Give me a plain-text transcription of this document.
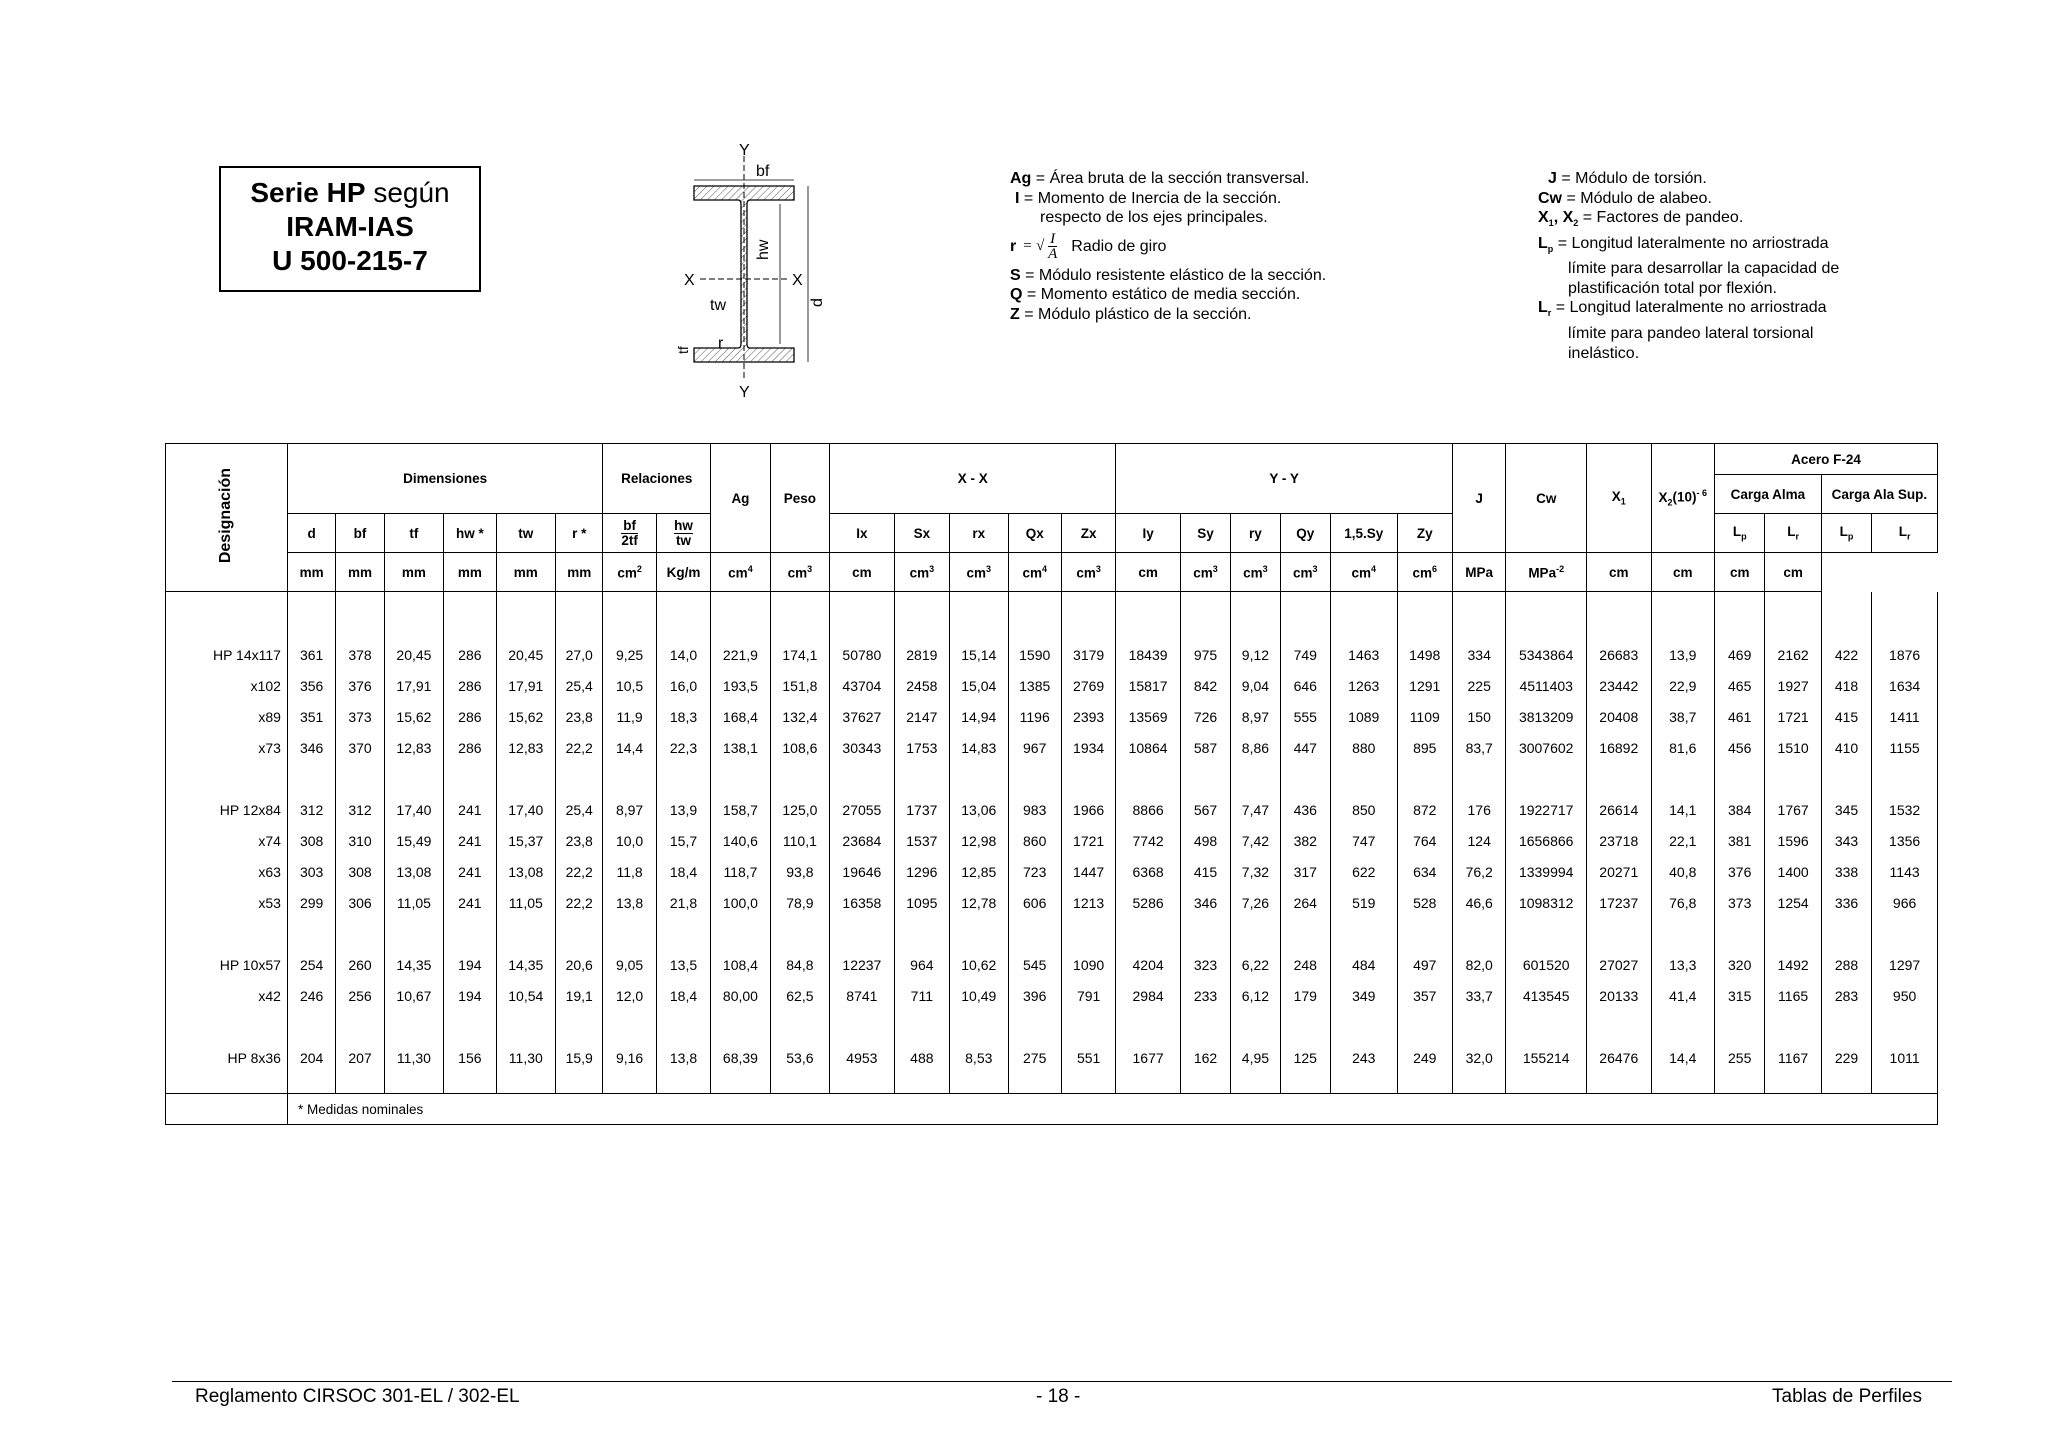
Serie HP según
IRAM-IAS
U 500-215-7
Y
Y
X	X
bf
hw
d
tw
tf r
Ag = Área bruta de la sección transversal.
I = Momento de Inercia de la sección.
respecto de los ejes principales.
r = √ I
A Radio de giro
S = Módulo resistente elástico de la sección.
Q = Momento estático de media sección.
Z = Módulo plástico de la sección.
J = Módulo de torsión.
Cw = Módulo de alabeo.
$X_1$, $X_2$ = Factores de pandeo.
$L_p$ = Longitud lateralmente no arriostrada
límite para desarrollar la capacidad de
plastificación total por flexión.
$L_r$ = Longitud lateralmente no arriostrada
límite para pandeo lateral torsional
inelástico.
Designación	Dimensiones						Relaciones		Ag	Peso	X - X					Y - Y						J	Cw	$X_1$	$X_2(10)^{- 6}$	Acero F-24			
																										Carga Alma		Carga Ala Sup.	
	d	bf	tf	hw *	tw	r *	$\frac{bf}{2tf}$	$\frac{hw}{tw}$			Ix	Sx	rx	Qx	Zx	Iy	Sy	ry	Qy	1,5.Sy	Zy					$L_p$	$L_r$	$L_p$	$L_r$
	mm	mm	mm	mm	mm	mm	$cm^2$	Kg/m	$cm^4$	$cm^3$	cm	$cm^3$	$cm^3$	$cm^4$	$cm^3$	cm	$cm^3$	$cm^3$	$cm^3$	$cm^4$	$cm^6$	MPa	MPa$^{-2}$	cm	cm	cm	cm		

HP 14x117	361	378	20,45	286	20,45	27,0	9,25	14,0	221,9	174,1	50780	2819	15,14	1590	3179	18439	975	9,12	749	1463	1498	334	5343864	26683	13,9	469	2162	422	1876
x102	356	376	17,91	286	17,91	25,4	10,5	16,0	193,5	151,8	43704	2458	15,04	1385	2769	15817	842	9,04	646	1263	1291	225	4511403	23442	22,9	465	1927	418	1634
x89	351	373	15,62	286	15,62	23,8	11,9	18,3	168,4	132,4	37627	2147	14,94	1196	2393	13569	726	8,97	555	1089	1109	150	3813209	20408	38,7	461	1721	415	1411
x73	346	370	12,83	286	12,83	22,2	14,4	22,3	138,1	108,6	30343	1753	14,83	967	1934	10864	587	8,86	447	880	895	83,7	3007602	16892	81,6	456	1510	410	1155

HP 12x84	312	312	17,40	241	17,40	25,4	8,97	13,9	158,7	125,0	27055	1737	13,06	983	1966	8866	567	7,47	436	850	872	176	1922717	26614	14,1	384	1767	345	1532
x74	308	310	15,49	241	15,37	23,8	10,0	15,7	140,6	110,1	23684	1537	12,98	860	1721	7742	498	7,42	382	747	764	124	1656866	23718	22,1	381	1596	343	1356
x63	303	308	13,08	241	13,08	22,2	11,8	18,4	118,7	93,8	19646	1296	12,85	723	1447	6368	415	7,32	317	622	634	76,2	1339994	20271	40,8	376	1400	338	1143
x53	299	306	11,05	241	11,05	22,2	13,8	21,8	100,0	78,9	16358	1095	12,78	606	1213	5286	346	7,26	264	519	528	46,6	1098312	17237	76,8	373	1254	336	966

HP 10x57	254	260	14,35	194	14,35	20,6	9,05	13,5	108,4	84,8	12237	964	10,62	545	1090	4204	323	6,22	248	484	497	82,0	601520	27027	13,3	320	1492	288	1297
x42	246	256	10,67	194	10,54	19,1	12,0	18,4	80,00	62,5	8741	711	10,49	396	791	2984	233	6,12	179	349	357	33,7	413545	20133	41,4	315	1165	283	950

HP 8x36	204	207	11,30	156	11,30	15,9	9,16	13,8	68,39	53,6	4953	488	8,53	275	551	1677	162	4,95	125	243	249	32,0	155214	26476	14,4	255	1167	229	1011

	* Medidas nominales																												
Reglamento CIRSOC 301-EL / 302-EL	- 18 -	Tablas de Perfiles
